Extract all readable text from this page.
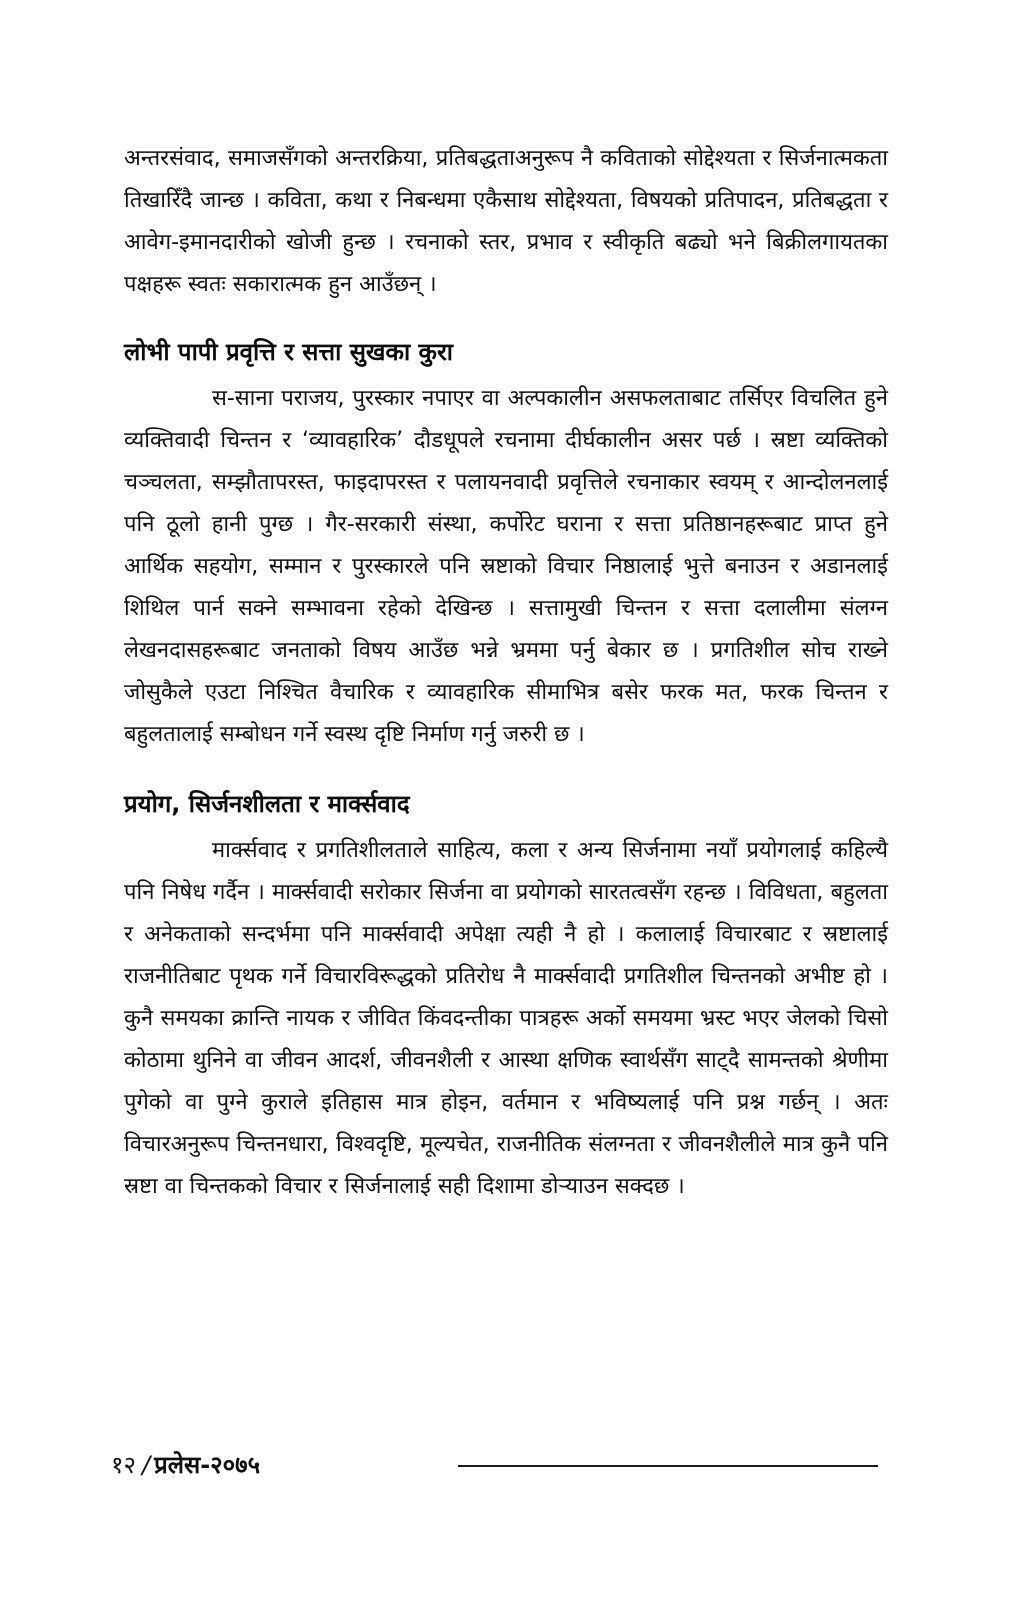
अन्तरसंवाद, समाजसँगको अन्तरक्रिया, प्रतिबद्धताअनुरूप नै कविताको सोद्देश्यता र सिर्जनात्मकता तिखारिँदै जान्छ । कविता, कथा र निबन्धमा एकैसाथ सोद्देश्यता, विषयको प्रतिपादन, प्रतिबद्धता र आवेग-इमानदारीको खोजी हुन्छ । रचनाको स्तर, प्रभाव र स्वीकृति बढ्यो भने बिक्रीलगायतका पक्षहरू स्वतः सकारात्मक हुन आउँछन् ।

लोभी पापी प्रवृत्ति र सत्ता सुखका कुरा

स-साना पराजय, पुरस्कार नपाएर वा अल्पकालीन असफलताबाट तर्सिएर विचलित हुने व्यक्तिवादी चिन्तन र ‘व्यावहारिक’ दौडधूपले रचनामा दीर्घकालीन असर पर्छ । स्रष्टा व्यक्तिको चञ्चलता, सम्झौतापरस्त, फाइदापरस्त र पलायनवादी प्रवृत्तिले रचनाकार स्वयम् र आन्दोलनलाई पनि ठूलो हानी पुग्छ । गैर-सरकारी संस्था, कर्पोरेट घराना र सत्ता प्रतिष्ठानहरूबाट प्राप्त हुने आर्थिक सहयोग, सम्मान र पुरस्कारले पनि स्रष्टाको विचार निष्ठालाई भुत्ते बनाउन र अडानलाई शिथिल पार्न सक्ने सम्भावना रहेको देखिन्छ । सत्तामुखी चिन्तन र सत्ता दलालीमा संलग्न लेखनदासहरूबाट जनताको विषय आउँछ भन्ने भ्रममा पर्नु बेकार छ । प्रगतिशील सोच राख्ने जोसुकैले एउटा निश्चित वैचारिक र व्यावहारिक सीमाभित्र बसेर फरक मत, फरक चिन्तन र बहुलतालाई सम्बोधन गर्ने स्वस्थ दृष्टि निर्माण गर्नु जरुरी छ ।

प्रयोग, सिर्जनशीलता र मार्क्सवाद

मार्क्सवाद र प्रगतिशीलताले साहित्य, कला र अन्य सिर्जनामा नयाँ प्रयोगलाई कहिल्यै पनि निषेध गर्दैन । मार्क्सवादी सरोकार सिर्जना वा प्रयोगको सारतत्वसँग रहन्छ । विविधता, बहुलता र अनेकताको सन्दर्भमा पनि मार्क्सवादी अपेक्षा त्यही नै हो । कलालाई विचारबाट र स्रष्टालाई राजनीतिबाट पृथक गर्ने विचारविरूद्धको प्रतिरोध नै मार्क्सवादी प्रगतिशील चिन्तनको अभीष्ट हो । कुनै समयका क्रान्ति नायक र जीवित किंवदन्तीका पात्रहरू अर्को समयमा भ्रस्ट भएर जेलको चिसो कोठामा थुनिने वा जीवन आदर्श, जीवनशैली र आस्था क्षणिक स्वार्थसँग साट्दै सामन्तको श्रेणीमा पुगेको वा पुग्ने कुराले इतिहास मात्र होइन, वर्तमान र भविष्यलाई पनि प्रश्न गर्छन् । अतः विचारअनुरूप चिन्तनधारा, विश्वदृष्टि, मूल्यचेत, राजनीतिक संलग्नता र जीवनशैलीले मात्र कुनै पनि स्रष्टा वा चिन्तकको विचार र सिर्जनालाई सही दिशामा डोर्‍याउन सक्दछ ।

१२ / प्रलेस-२०७५
